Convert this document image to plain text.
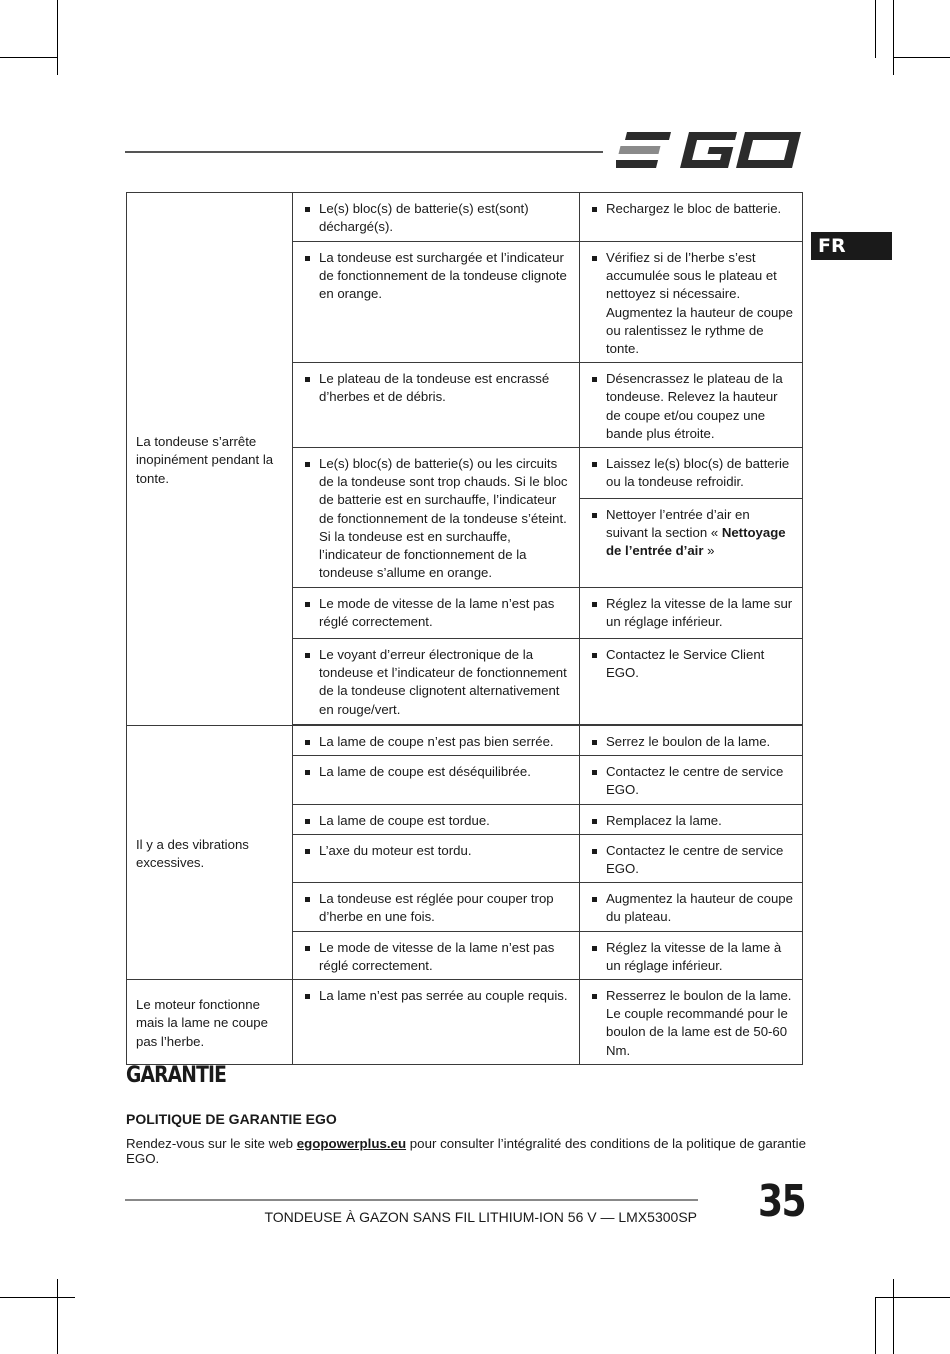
FR
La tondeuse s’arrête inopinément pendant la tonte.	Le(s) bloc(s) de batterie(s) est(sont) déchargé(s).	Rechargez le bloc de batterie.

	La tondeuse est surchargée et l’indicateur de fonctionnement de la tondeuse clignote en orange.	Vérifiez si de l’herbe s’est accumulée sous le plateau et nettoyez si nécessaire. Augmentez la hauteur de coupe ou ralentissez le rythme de tonte.

	Le plateau de la tondeuse est encrassé d’herbes et de débris.	Désencrassez le plateau de la tondeuse. Relevez la hauteur de coupe et/ou coupez une bande plus étroite.

	Le(s) bloc(s) de batterie(s) ou les circuits de la tondeuse sont trop chauds. Si le bloc de batterie est en surchauffe, l’indicateur de fonctionnement de la tondeuse s’éteint. Si la tondeuse est en surchauffe, l’indicateur de fonctionnement de la tondeuse s’allume en orange.	Laissez le(s) bloc(s) de batterie ou la tondeuse refroidir.

		Nettoyer l’entrée d’air en suivant la section « Nettoyage de l’entrée d’air »

	Le mode de vitesse de la lame n’est pas réglé correctement.	Réglez la vitesse de la lame sur un réglage inférieur.

	Le voyant d’erreur électronique de la tondeuse et l’indicateur de fonctionnement de la tondeuse clignotent alternativement en rouge/vert.	Contactez le Service Client EGO.

Il y a des vibrations excessives.	La lame de coupe n’est pas bien serrée.	Serrez le boulon de la lame.

	La lame de coupe est déséquilibrée.	Contactez le centre de service EGO.

	La lame de coupe est tordue.	Remplacez la lame.

	L’axe du moteur est tordu.	Contactez le centre de service EGO.

	La tondeuse est réglée pour couper trop d’herbe en une fois.	Augmentez la hauteur de coupe du plateau.

	Le mode de vitesse de la lame n’est pas réglé correctement.	Réglez la vitesse de la lame à un réglage inférieur.

Le moteur fonctionne mais la lame ne coupe pas l’herbe.	La lame n’est pas serrée au couple requis.	Resserrez le boulon de la lame. Le couple recommandé pour le boulon de la lame est de 50-60 Nm.
GARANTIE
POLITIQUE DE GARANTIE EGO

Rendez-vous sur le site web egopowerplus.eu pour consulter l’intégralité des conditions de la politique de garantie EGO.

TONDEUSE À GAZON SANS FIL LITHIUM-ION 56 V — LMX5300SP 35
